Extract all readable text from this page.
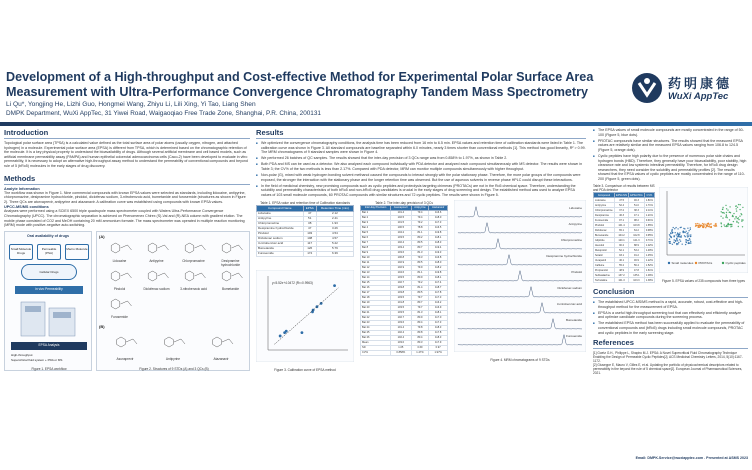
Development of a High-throughput and Cost-effective Method for Experimental Polar Surface Area Measurement with Ultra-Performance Convergence Chromatography Tandem Mass Spectrometry
Li Qu*, Yongjing He, Lizhi Guo, Hongmei Wang, Zhiyu Li, Lili Xing, Yi Tao, Liang Shen
DMPK Department, WuXi AppTec, 31 Yiwei Road, Waigaoqiao Free Trade Zone, Shanghai, P.R. China, 200131
药明康德
WuXi AppTec
Introduction
Topological polar surface area (TPSA) is a calculated value defined as the total surface area of polar atoms (usually oxygen, nitrogen, and attached hydrogen) in a molecule. Experimental polar surface area (EPSA) is different from TPSA, which is determined based on the chromatographic retention of the molecule. It is a key physical property to understand the bioavailability of drugs. Although several artificial membrane and cell based models, such as artificial membrane permeability assay (PAMPA) and human epithelial colorectal adenocarcinoma cells (Caco-2) have been developed to evaluate in vitro permeability, it is necessary to adopt an alternative high-throughput assay method to understand the permeability of conventional compounds and beyond rule of 5 (bRo5) molecules in the early stages of drug discovery.
Methods
Analyte Information
The workflow was shown in Figure 1. Nine commercial compounds with known EPSA values were selected as standards, including lidocaine, antipyrine, chlorpromazine, desipramine hydrochloride, pindolol, diclofenac sodium, 3-nitrobenzoic acid, bumetanide and furosemide (structures as shown in Figure 2). Three QCs are atorvaprevir, antipyrine and atazanavir. A calibration curve was established using compounds with known EPSA values.
UPCC-MS/MS conditions
Analyses were performed using a SCIEX 6500 triple quadrupole mass spectrometer coupled with Waters Ultra-Performance Convergence Chromatography (UPCC). The chromatographic separation is achieved on Phenomenex Chirex (S)-Val and (R)-NEA column with gradient elution. The mobile phase consisted of CO2 and MeOH containing 20 mM ammonium formate. The mass spectrometer was operated in multiple reaction monitoring (MRM) mode with positive-negative auto-switching.
Oral availability of drugs
Small Molecule Drugs
Permeable (PSA)
Macro Molecule
Cellular Drugs
in vivo Permeability
EPSA Analysis
High-throughput
Supercritical fluid system + PDA or MS
Figure 1. EPSA workflow
(A)
Lidocaine	Antipyrine	Chlorpromazine	Desipramine hydrochloride
Pindolol	Diclofenac sodium	3-nitrobenzoic acid	Bumetanide
Furosemide
(B)
Asunaprevir	Antipyrine	Atazanavir
Figure 2. Structures of 9 STDs (A) and 3 QCs (B)
Results
■ We optimized the convergence chromatography conditions, the analysis time has been reduced from 16 min to 6.5 min. EPSA values and retention time of calibration standards were listed in Table 1. The calibration curve was shown in Figure 3. All standard compounds are baseline separated within 6.0 minutes, nearly 3 times shorter than conventional methods [1]. This method has good linearity, R² > 0.99. The MRM chromatograms of 9 standard samples were shown in Figure 4.
■ We performed 26 batches of QC samples. The results showed that the inter-day precision of 3 QCs range was from 0.858% to 1.97%, as shown in Table 2.
■ Both PDA and MS can be used as a detector. We also analyzed each compound individually with PDA detector and analyzed each compound simultaneously with MS detector. The results were shown in Table 3; the CV% of the two methods is less than 2.17%. Compared with PDA detector, MRM can monitor multiple compounds simultaneously with higher throughput.
■ Non-polar (G), mixed with weak hydrogen bonding solvent methanol caused the compounds to interact strongly with the polar stationary phase. Therefore, the more polar groups of the compounds were exposed, the stronger the interaction with the stationary phase and the longer retention time was observed. But the use of aqueous solvents in reverse phase HPLC could disrupt these interactions.
■ In the field of medicinal chemistry, new promising compounds such as cyclic peptides and proteolysis targeting chimeras (PROTACs) are not in the Ro5 chemical space. Therefore, understanding the solubility and permeability characteristics of both bRo5 and non-bRo5 drug candidates is crucial in the early stages of drug screening and design. The established method was used to analyze EPSA values of 103 small molecule compounds, 60 PROTAC compounds with similar structures and 72 cyclic peptides. The results were shown in Figure 5.
Table 1. EPSA value and retention time of Calibration standards
Compound Name	EPSA	Retention Time (min)
Lidocaine	47	2.12
Antipyrine	51	2.41
Chlorpromazine	38	1.93
Desipramine hydrochloride	47	3.26
Pindolol	103	4.54
Diclofenac sodium	108	4.57
3-nitrobenzoic acid	117	5.22
Bumetanide	126	5.79
Furosemide	174	6.39
y=5.52x+4.0472 (R²=0.9963)
Figure 3. Calibration curve of EPSA method
Table 2. The inter-day precision of 3 QCs
Inter-day Precision	Asunaprevir	Antipyrine	Atazanavir
Bat 1	101.4	79.4	116.6
Bat 2	102.5	79.4	118.0
Bat 3	101.5	79.2	117.3
Bat 4	100.5	78.8	116.5
Bat 5	104.2	81.1	119.8
Bat 6	103.5	80.2	118.1
Bat 7	102.4	80.5	118.3
Bat 8	103.4	80.7	119.4
Bat 9	103.6	81.3	119.3
Bat 10	100.8	79.3	116.8
Bat 11	102.9	80.5	118.0
Bat 12	102.9	79.9	118.2
Bat 13	104.6	81.1	119.8
Bat 14	103.5	80.9	118.1
Bat 15	102.7	79.2	117.4
Bat 16	103.8	81.4	118.7
Bat 17	103.8	80.5	117.8
Bat 18	103.5	79.7	117.3
Bat 19	101.8	80.7	116.2
Bat 20	103.5	79.7	116.9
Bat 21	103.5	81.3	118.1
Bat 22	102.7	80.9	117.0
Bat 23	103.6	80.4	117.3
Bat 24	101.4	79.8	118.3
Bat 25	102.4	80.8	117.8
Bat 26	102.4	80.4	118.3
Mean	103.0	80.3	117.9
SD	1.05	0.69	0.97
CV%	0.858%	1.47%	1.97%
Lidocaine
Antipyrine
Chlorpromazine
Desipramine hydrochloride
Pindolol
Diclofenac sodium
3-nitrobenzoic acid
Bumetanide
Furosemide
Figure 4. MRM chromatograms of 9 STDs
■ The EPSA values of small molecule compounds are mostly concentrated in the range of 50-100 (Figure 5, blue dots).
■ PROTAC compounds have similar structures. The results showed that the measured EPSA values are relatively similar and the measured EPSA values ranging from 106.8 to 124.5 (Figure 5, orange dots).
■ Cyclic peptides have high polarity due to the presence of numerous polar side chains and hydrogen bonds (HBD). Therefore, they generally have poor bioavailability, poor stability, high clearance rate and low systemic intestinal permeability. Therefore, for bRo5 drug design researchers, they need consider the solubility and permeability profiles [2]. The results showed that the EPSA values of cyclic peptides are mostly concentrated in the range of 110-200 (Figure 5, green dots).
Table 3. Comparison of results between MS and PDA detector
Compound	EPSA MS	EPSA PDA	CV%
Lidocaine	47.5	46.3	1.81%
Antipyrine	52.4	51.0	1.71%
Chlorpromazine	37.2	38.3	2.11%
Desipramine	46.3	47.1	1.21%
Furosemide	97.1	98.2	0.91%
Pindolol	101.4	103.8	1.65%
Diclofenac	65.1	64.2	0.98%
Bumetanide	104.2	102.8	0.95%
Glipizide	120.1	121.3	0.71%
Atenolol	90.2	88.9	1.02%
Metoprolol	52.1	53.2	1.48%
Sotalol	93.1	91.2	1.45%
Verapamil	46.1	46.9	1.22%
Caffeine	55.2	56.4	1.52%
Propranolol	48.9	47.8	1.61%
Sulfasalazine	137.2	135.1	1.09%
Terbutaline	101.3	103.3	1.38%
Small molecules PROTACs	Cyclic peptides
Figure 5. EPSA values of 235 compounds from three types
Conclusion
■ The established UPCC-MS/MS method is a rapid, accurate, robust, cost-effective and high-throughput method for the measurement of EPSA.
■ EPSA is a useful high-throughput screening tool that can effectively and efficiently analyze and optimize candidate compounds during the screening process.
■ The established EPSA method has been successfully applied to evaluate the permeability of conventional compounds and (bRo5) drugs including small molecule compounds, PROTAC and cyclic peptides in the early screening stage.
References
[1] Goetz G.H., Philippe L, Shapiro M.J. EPSA: A Novel Supercritical Fluid Chromatography Technique Enabling the Design of Permeable Cyclic Peptides[J]. ACS Medicinal Chemistry Letters, 2014, 5(10):1167-1172.
[2] Giuseppe E, Mauro V, Gilles E, et al. Updating the portfolio of physicochemical descriptors related to permeability in the beyond the rule of 5 chemical space[J]. European Journal of Pharmaceutical Sciences, 2021.
Email: DMPK.Service@wuxiapptec.com . Presented at ASMS 2023
